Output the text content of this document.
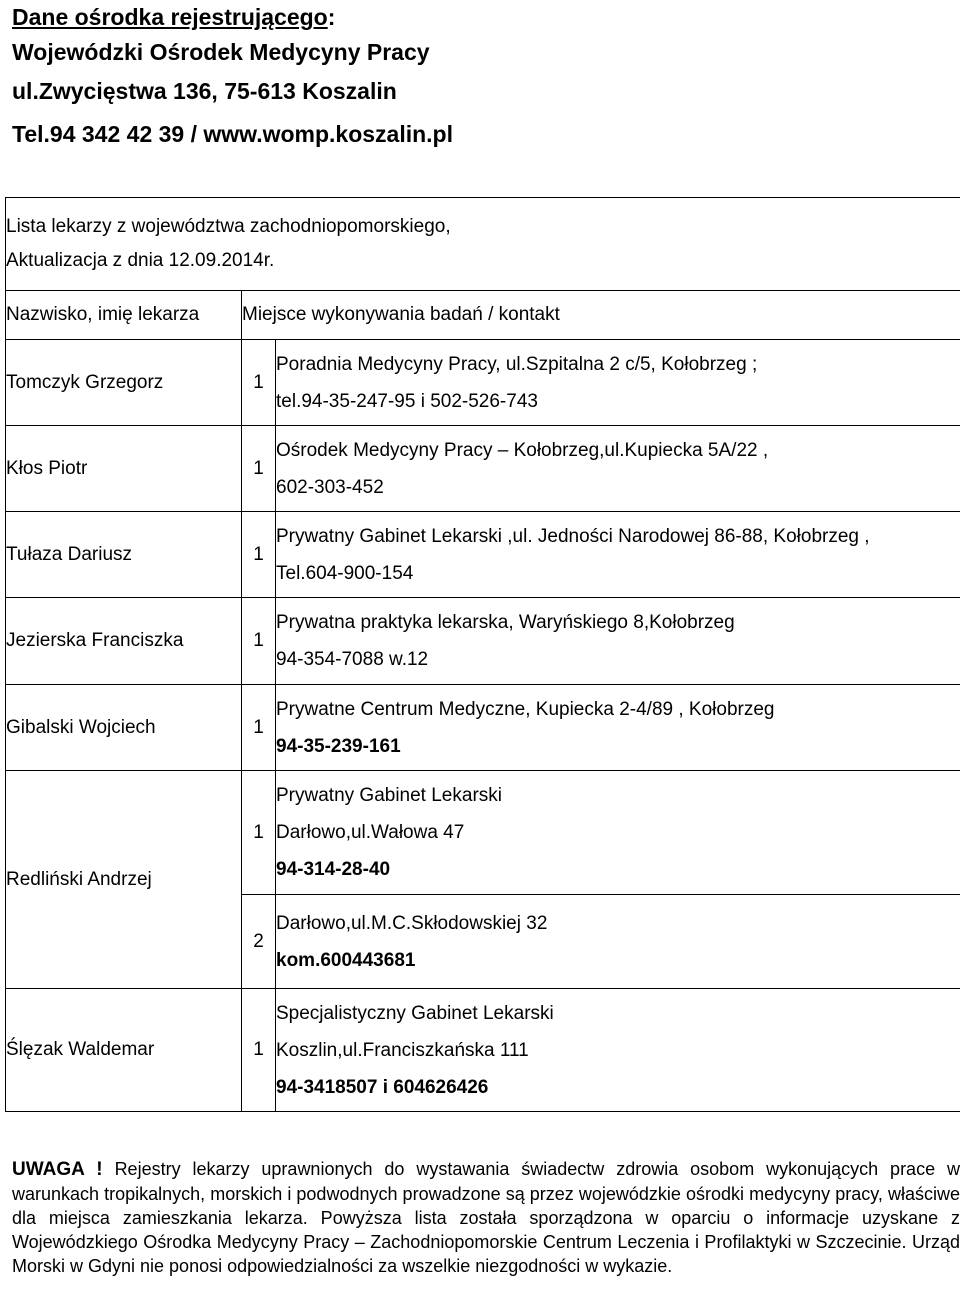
Dane ośrodka rejestrującego:
Wojewódzki Ośrodek Medycyny Pracy
ul.Zwycięstwa 136, 75-613 Koszalin
Tel.94 342 42 39 / www.womp.koszalin.pl
Lista lekarzy z województwa zachodniopomorskiego,
Aktualizacja z dnia 12.09.2014r.		

Nazwisko, imię lekarza	Miejsce wykonywania badań / kontakt	
Tomczyk Grzegorz	1	Poradnia Medycyny Pracy, ul.Szpitalna 2 c/5, Kołobrzeg ;
tel.94-35-247-95 i 502-526-743

Kłos Piotr	1	Ośrodek Medycyny Pracy – Kołobrzeg,ul.Kupiecka 5A/22 ,
602-303-452

Tułaza Dariusz	1	Prywatny Gabinet Lekarski ,ul. Jedności Narodowej 86-88, Kołobrzeg ,
Tel.604-900-154

Jezierska Franciszka	1	Prywatna praktyka lekarska, Waryńskiego 8,Kołobrzeg
94-354-7088 w.12

Gibalski Wojciech	1	Prywatne Centrum Medyczne, Kupiecka 2-4/89 , Kołobrzeg
94-35-239-161

Redliński Andrzej	1	Prywatny Gabinet Lekarski
Darłowo,ul.Wałowa 47
94-314-28-40

	2	Darłowo,ul.M.C.Skłodowskiej 32
kom.600443681

Ślęzak Waldemar	1	Specjalistyczny Gabinet Lekarski
Koszlin,ul.Franciszkańska 111
94-3418507 i 604626426

UWAGA ! Rejestry lekarzy uprawnionych do wystawania świadectw zdrowia osobom wykonujących prace w warunkach tropikalnych, morskich i podwodnych prowadzone są przez wojewódzkie ośrodki medycyny pracy, właściwe dla miejsca zamieszkania lekarza. Powyższa lista została sporządzona w oparciu o informacje uzyskane z Wojewódzkiego Ośrodka Medycyny Pracy – Zachodniopomorskie Centrum Leczenia i Profilaktyki w Szczecinie. Urząd Morski w Gdyni nie ponosi odpowiedzialności za wszelkie niezgodności w wykazie.
